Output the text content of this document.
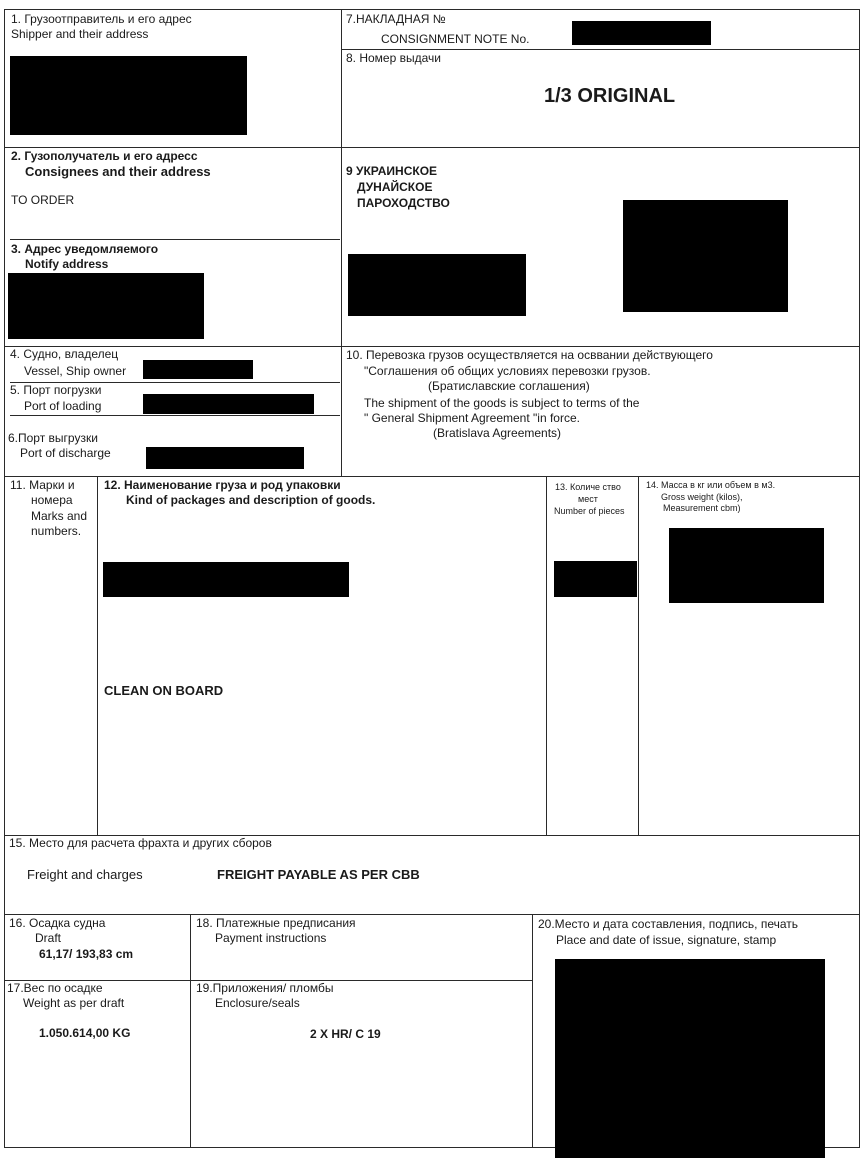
1. Грузоотправитель и его адрес
Shipper and their address
7.НАКЛАДНАЯ №
CONSIGNMENT NOTE No.
8. Номер выдачи
1/3 ORIGINAL
2. Гузополучатель и его адресс
Consignees and their address
TO ORDER
9 УКРАИНСКОЕ
ДУНАЙСКОЕ
ПАРОХОДСТВО
3. Адрес уведомляемого
Notify address
4. Судно, владелец
Vessel, Ship owner
5. Порт погрузки
Port of loading
6.Порт выгрузки
Port of discharge
10. Перевозка грузов осуществляется на осввании действующего
"Соглашения об общих условиях перевозки грузов.
(Братиславские соглашения)
The shipment of the goods is subject to terms of the
" General Shipment Agreement "in force.
(Bratislava Agreements)
11. Марки и
номера
Marks and
numbers.
12. Наименование груза и род упаковки
Kind of packages and description of goods.
CLEAN ON BOARD
13. Количе ство
мест
Number of pieces
14. Масса в кг или объем в м3.
Gross weight (kilos),
Measurement cbm)
15. Место для расчета фрахта и других сборов
Freight and charges	FREIGHT PAYABLE AS PER CBB
16. Осадка судна
Draft
61,17/ 193,83 cm
18. Платежные предписания
Payment instructions
20.Место и дата составления, подпись, печать
Place and date of issue, signature, stamp
17.Вес по осадке
Weight as per draft
1.050.614,00 KG
19.Приложения/ пломбы
Enclosure/seals
2 X HR/ C 19
